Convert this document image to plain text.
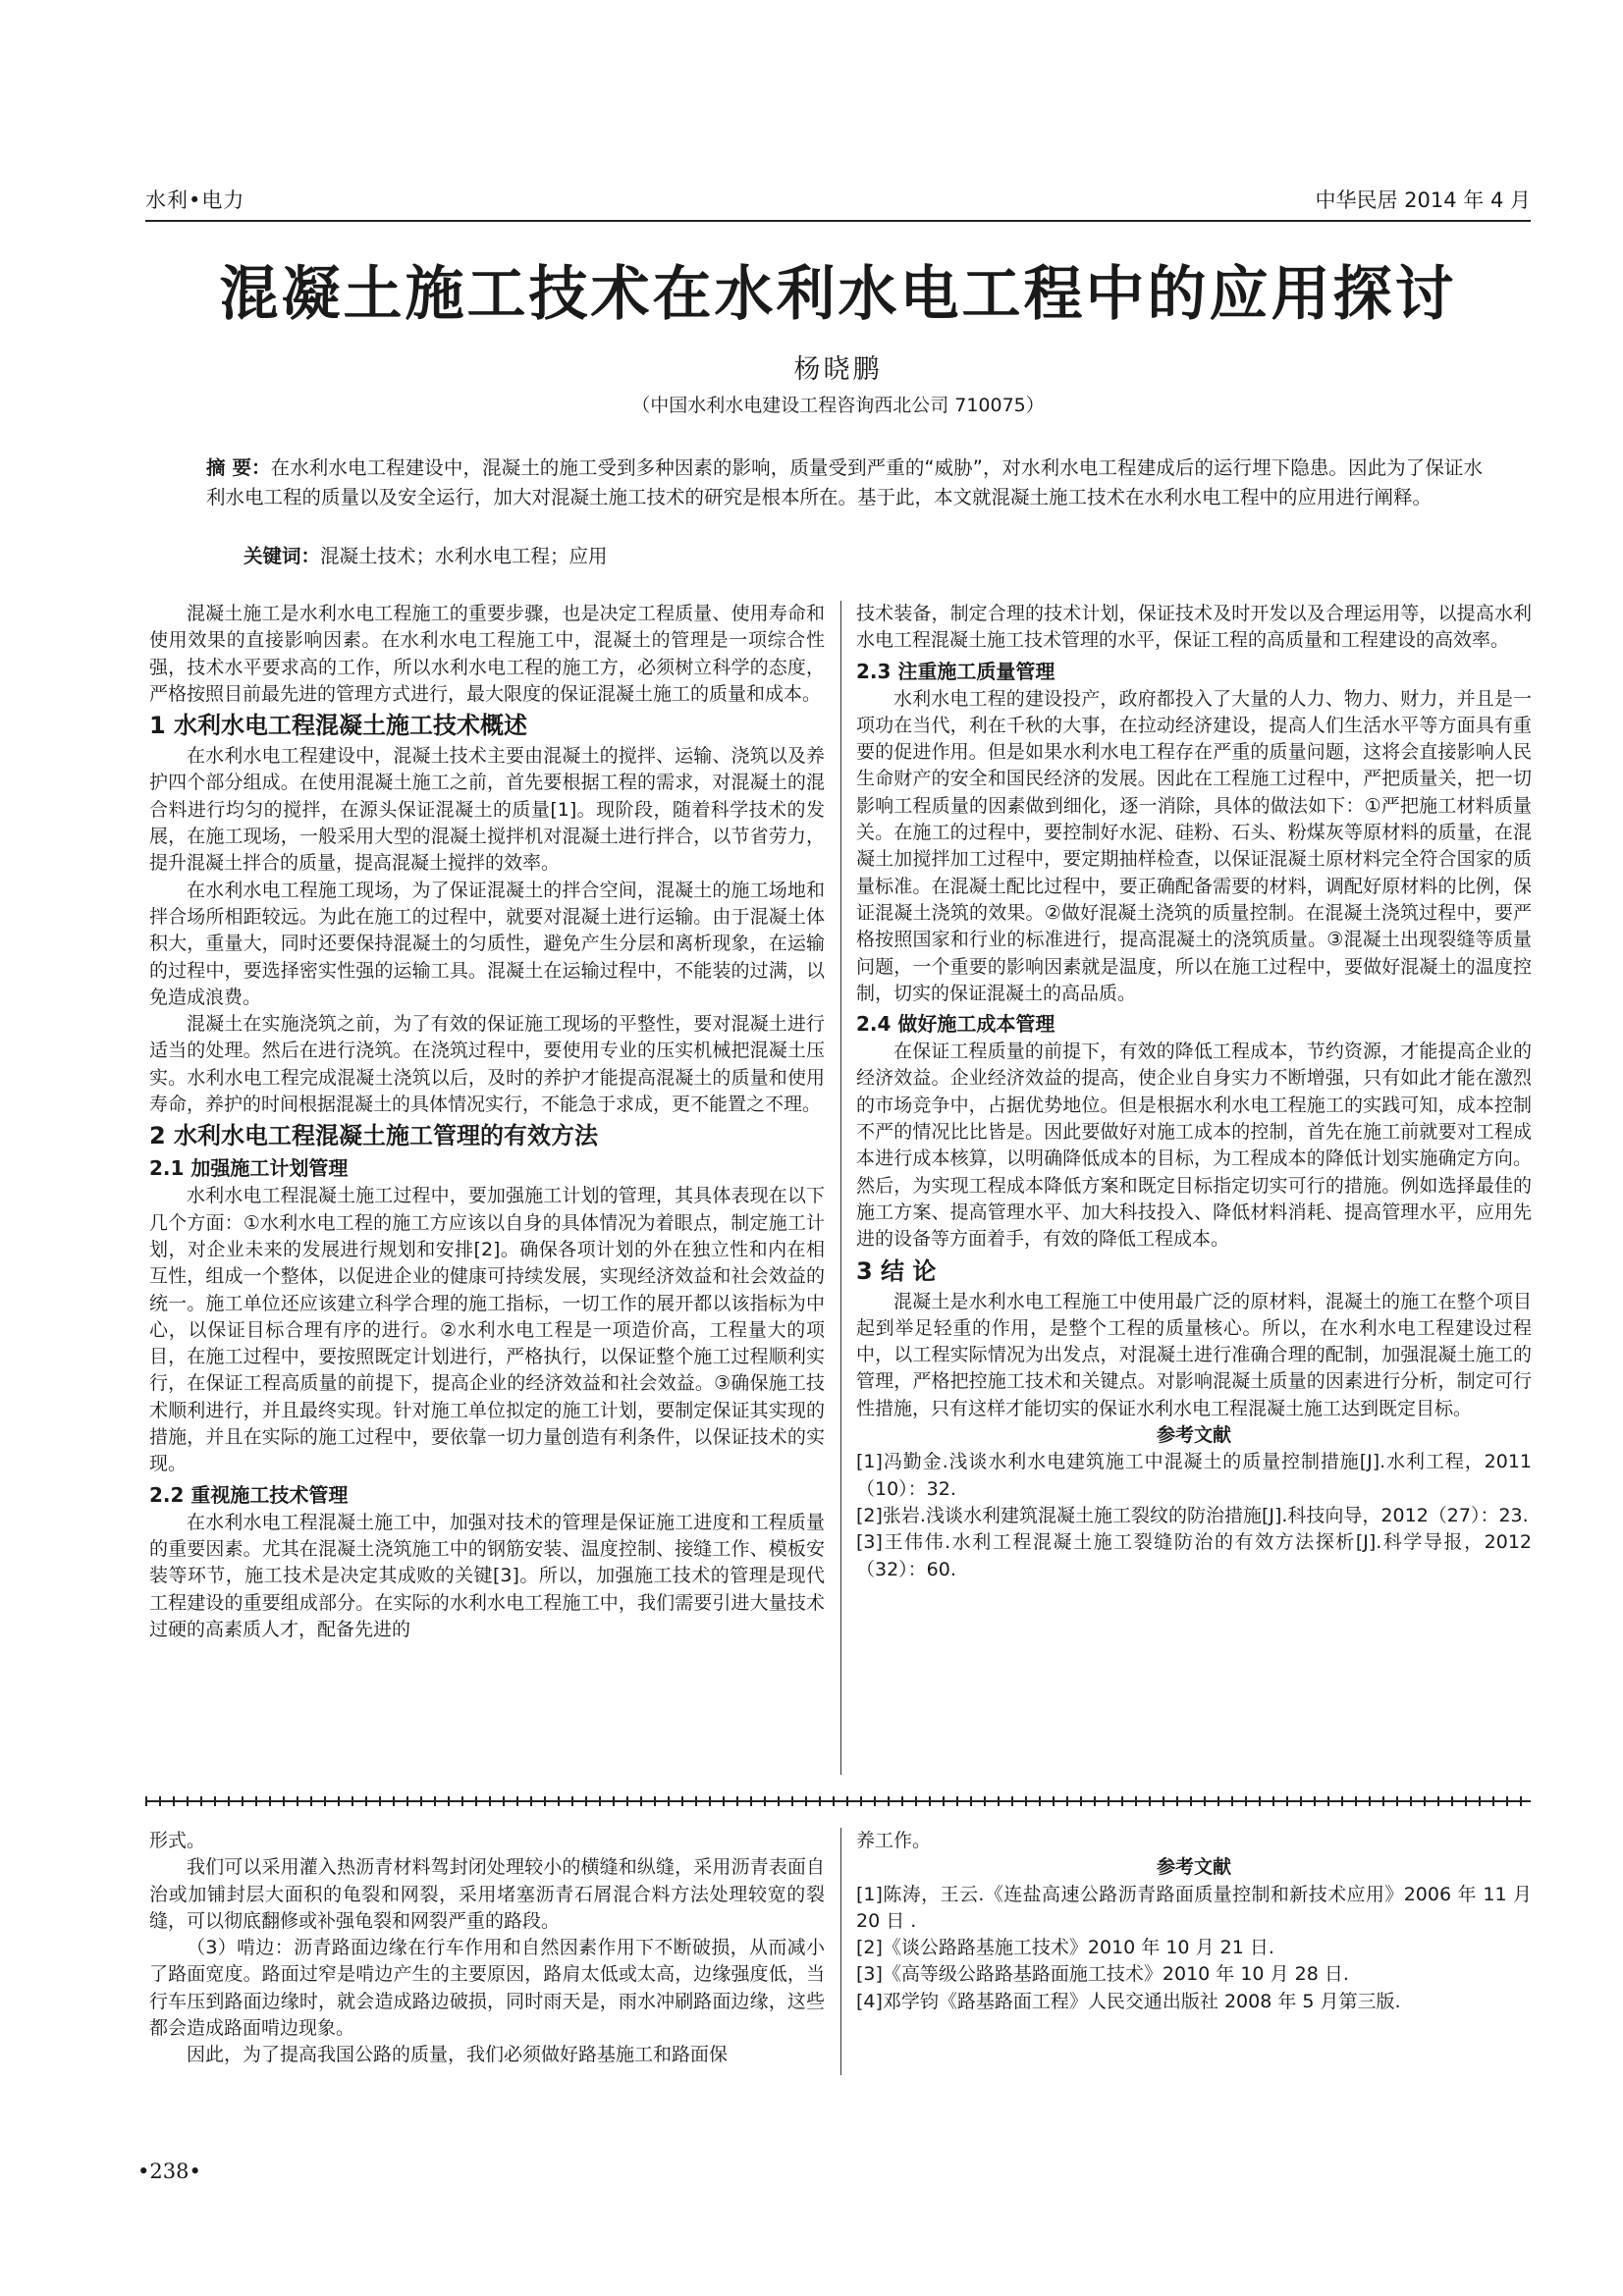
水利•电力	中华民居 2014 年 4 月
混凝土施工技术在水利水电工程中的应用探讨
杨晓鹏
（中国水利水电建设工程咨询西北公司 710075）
摘 要：在水利水电工程建设中，混凝土的施工受到多种因素的影响，质量受到严重的“威胁”，对水利水电工程建成后的运行埋下隐患。因此为了保证水利水电工程的质量以及安全运行，加大对混凝土施工技术的研究是根本所在。基于此，本文就混凝土施工技术在水利水电工程中的应用进行阐释。
关键词：混凝土技术；水利水电工程；应用

混凝土施工是水利水电工程施工的重要步骤，也是决定工程质量、使用寿命和使用效果的直接影响因素。在水利水电工程施工中，混凝土的管理是一项综合性强，技术水平要求高的工作，所以水利水电工程的施工方，必须树立科学的态度，严格按照目前最先进的管理方式进行，最大限度的保证混凝土施工的质量和成本。

1 水利水电工程混凝土施工技术概述

在水利水电工程建设中，混凝土技术主要由混凝土的搅拌、运输、浇筑以及养护四个部分组成。在使用混凝土施工之前，首先要根据工程的需求，对混凝土的混合料进行均匀的搅拌，在源头保证混凝土的质量[1]。现阶段，随着科学技术的发展，在施工现场，一般采用大型的混凝土搅拌机对混凝土进行拌合，以节省劳力，提升混凝土拌合的质量，提高混凝土搅拌的效率。

在水利水电工程施工现场，为了保证混凝土的拌合空间，混凝土的施工场地和拌合场所相距较远。为此在施工的过程中，就要对混凝土进行运输。由于混凝土体积大，重量大，同时还要保持混凝土的匀质性，避免产生分层和离析现象，在运输的过程中，要选择密实性强的运输工具。混凝土在运输过程中，不能装的过满，以免造成浪费。

混凝土在实施浇筑之前，为了有效的保证施工现场的平整性，要对混凝土进行适当的处理。然后在进行浇筑。在浇筑过程中，要使用专业的压实机械把混凝土压实。水利水电工程完成混凝土浇筑以后，及时的养护才能提高混凝土的质量和使用寿命，养护的时间根据混凝土的具体情况实行，不能急于求成，更不能置之不理。

2 水利水电工程混凝土施工管理的有效方法
2.1 加强施工计划管理

水利水电工程混凝土施工过程中，要加强施工计划的管理，其具体表现在以下几个方面：①水利水电工程的施工方应该以自身的具体情况为着眼点，制定施工计划，对企业未来的发展进行规划和安排[2]。确保各项计划的外在独立性和内在相互性，组成一个整体，以促进企业的健康可持续发展，实现经济效益和社会效益的统一。施工单位还应该建立科学合理的施工指标，一切工作的展开都以该指标为中心，以保证目标合理有序的进行。②水利水电工程是一项造价高，工程量大的项目，在施工过程中，要按照既定计划进行，严格执行，以保证整个施工过程顺利实行，在保证工程高质量的前提下，提高企业的经济效益和社会效益。③确保施工技术顺利进行，并且最终实现。针对施工单位拟定的施工计划，要制定保证其实现的措施，并且在实际的施工过程中，要依靠一切力量创造有利条件，以保证技术的实现。

2.2 重视施工技术管理

在水利水电工程混凝土施工中，加强对技术的管理是保证施工进度和工程质量的重要因素。尤其在混凝土浇筑施工中的钢筋安装、温度控制、接缝工作、模板安装等环节，施工技术是决定其成败的关键[3]。所以，加强施工技术的管理是现代工程建设的重要组成部分。在实际的水利水电工程施工中，我们需要引进大量技术过硬的高素质人才，配备先进的

技术装备，制定合理的技术计划，保证技术及时开发以及合理运用等，以提高水利水电工程混凝土施工技术管理的水平，保证工程的高质量和工程建设的高效率。

2.3 注重施工质量管理

水利水电工程的建设投产，政府都投入了大量的人力、物力、财力，并且是一项功在当代，利在千秋的大事，在拉动经济建设，提高人们生活水平等方面具有重要的促进作用。但是如果水利水电工程存在严重的质量问题，这将会直接影响人民生命财产的安全和国民经济的发展。因此在工程施工过程中，严把质量关，把一切影响工程质量的因素做到细化，逐一消除，具体的做法如下：①严把施工材料质量关。在施工的过程中，要控制好水泥、硅粉、石头、粉煤灰等原材料的质量，在混凝土加搅拌加工过程中，要定期抽样检查，以保证混凝土原材料完全符合国家的质量标准。在混凝土配比过程中，要正确配备需要的材料，调配好原材料的比例，保证混凝土浇筑的效果。②做好混凝土浇筑的质量控制。在混凝土浇筑过程中，要严格按照国家和行业的标准进行，提高混凝土的浇筑质量。③混凝土出现裂缝等质量问题，一个重要的影响因素就是温度，所以在施工过程中，要做好混凝土的温度控制，切实的保证混凝土的高品质。

2.4 做好施工成本管理

在保证工程质量的前提下，有效的降低工程成本，节约资源，才能提高企业的经济效益。企业经济效益的提高，使企业自身实力不断增强，只有如此才能在激烈的市场竞争中，占据优势地位。但是根据水利水电工程施工的实践可知，成本控制不严的情况比比皆是。因此要做好对施工成本的控制，首先在施工前就要对工程成本进行成本核算，以明确降低成本的目标，为工程成本的降低计划实施确定方向。然后，为实现工程成本降低方案和既定目标指定切实可行的措施。例如选择最佳的施工方案、提高管理水平、加大科技投入、降低材料消耗、提高管理水平，应用先进的设备等方面着手，有效的降低工程成本。

3 结 论

混凝土是水利水电工程施工中使用最广泛的原材料，混凝土的施工在整个项目起到举足轻重的作用，是整个工程的质量核心。所以，在水利水电工程建设过程中，以工程实际情况为出发点，对混凝土进行准确合理的配制，加强混凝土施工的管理，严格把控施工技术和关键点。对影响混凝土质量的因素进行分析，制定可行性措施，只有这样才能切实的保证水利水电工程混凝土施工达到既定目标。

参考文献

[1]冯勤金.浅谈水利水电建筑施工中混凝土的质量控制措施[J].水利工程，2011（10）：32.

[2]张岩.浅谈水利建筑混凝土施工裂纹的防治措施[J].科技向导，2012（27）：23.

[3]王伟伟.水利工程混凝土施工裂缝防治的有效方法探析[J].科学导报，2012（32）：60.

形式。

我们可以采用灌入热沥青材料驾封闭处理较小的横缝和纵缝，采用沥青表面自治或加铺封层大面积的龟裂和网裂，采用堵塞沥青石屑混合料方法处理较宽的裂缝，可以彻底翻修或补强龟裂和网裂严重的路段。

（3）啃边：沥青路面边缘在行车作用和自然因素作用下不断破损，从而减小了路面宽度。路面过窄是啃边产生的主要原因，路肩太低或太高，边缘强度低，当行车压到路面边缘时，就会造成路边破损，同时雨天是，雨水冲刷路面边缘，这些都会造成路面啃边现象。

因此，为了提高我国公路的质量，我们必须做好路基施工和路面保

养工作。

参考文献

[1]陈涛，王云.《连盐高速公路沥青路面质量控制和新技术应用》2006 年 11 月 20 日 .

[2]《谈公路路基施工技术》2010 年 10 月 21 日.

[3]《高等级公路路基路面施工技术》2010 年 10 月 28 日.

[4]邓学钧《路基路面工程》人民交通出版社 2008 年 5 月第三版.

•238•
